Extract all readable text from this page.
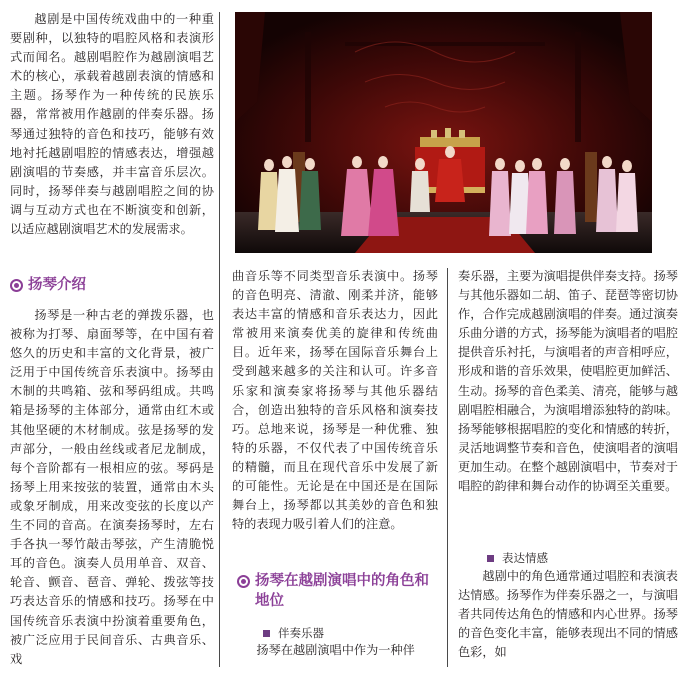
越剧是中国传统戏曲中的一种重要剧种，以独特的唱腔风格和表演形式而闻名。越剧唱腔作为越剧演唱艺术的核心，承载着越剧表演的情感和主题。扬琴作为一种传统的民族乐器，常常被用作越剧的伴奏乐器。扬琴通过独特的音色和技巧，能够有效地衬托越剧唱腔的情感表达，增强越剧演唱的节奏感，并丰富音乐层次。同时，扬琴伴奏与越剧唱腔之间的协调与互动方式也在不断演变和创新，以适应越剧演唱艺术的发展需求。

扬琴是一种古老的弹拨乐器，也被称为打琴、扇面琴等，在中国有着悠久的历史和丰富的文化背景，被广泛用于中国传统音乐表演中。扬琴由木制的共鸣箱、弦和琴码组成。共鸣箱是扬琴的主体部分，通常由红木或其他坚硬的木材制成。弦是扬琴的发声部分，一般由丝线或者尼龙制成，每个音阶都有一根相应的弦。琴码是扬琴上用来按弦的装置，通常由木头或象牙制成，用来改变弦的长度以产生不同的音高。在演奏扬琴时，左右手各执一琴竹敲击琴弦，产生清脆悦耳的音色。演奏人员用单音、双音、轮音、颤音、琶音、弹轮、拨弦等技巧表达音乐的情感和技巧。扬琴在中国传统音乐表演中扮演着重要角色，被广泛应用于民间音乐、古典音乐、戏

扬琴介绍

曲音乐等不同类型音乐表演中。扬琴的音色明亮、清澈、刚柔并济，能够表达丰富的情感和音乐表达力，因此常被用来演奏优美的旋律和传统曲目。近年来，扬琴在国际音乐舞台上受到越来越多的关注和认可。许多音乐家和演奏家将扬琴与其他乐器结合，创造出独特的音乐风格和演奏技巧。总地来说，扬琴是一种优雅、独特的乐器，不仅代表了中国传统音乐的精髓，而且在现代音乐中发展了新的可能性。无论是在中国还是在国际舞台上，扬琴都以其美妙的音色和独特的表现力吸引着人们的注意。

扬琴在越剧演唱中的角色和地位
伴奏乐器

扬琴在越剧演唱中作为一种伴

奏乐器，主要为演唱提供伴奏支持。扬琴与其他乐器如二胡、笛子、琵琶等密切协作，合作完成越剧演唱的伴奏。通过演奏乐曲分谱的方式，扬琴能为演唱者的唱腔提供音乐衬托，与演唱者的声音相呼应，形成和谐的音乐效果，使唱腔更加鲜活、生动。扬琴的音色柔美、清亮，能够与越剧唱腔相融合，为演唱增添独特的韵味。扬琴能够根据唱腔的变化和情感的转折，灵活地调整节奏和音色，使演唱者的演唱更加生动。在整个越剧演唱中，节奏对于唱腔的韵律和舞台动作的协调至关重要。

表达情感

越剧中的角色通常通过唱腔和表演表达情感。扬琴作为伴奏乐器之一，与演唱者共同传达角色的情感和内心世界。扬琴的音色变化丰富，能够表现出不同的情感色彩，如
